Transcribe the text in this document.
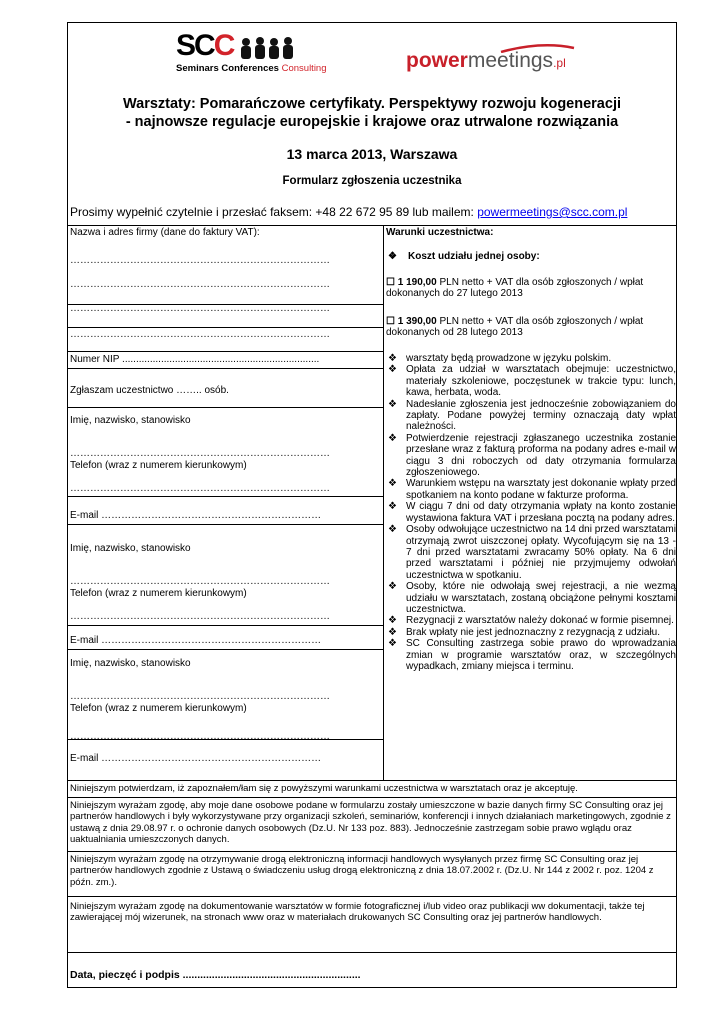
SCC
Seminars Conferences Consulting	powermeetings.pl
Warsztaty: Pomarańczowe certyfikaty. Perspektywy rozwoju kogeneracji
- najnowsze regulacje europejskie i krajowe oraz utrwalone rozwiązania
13 marca 2013, Warszawa
Formularz zgłoszenia uczestnika
Prosimy wypełnić czytelnie i przesłać faksem: +48 22 672 95 89 lub mailem: powermeetings@scc.com.pl
Nazwa i adres firmy (dane do faktury VAT):
……………………………………………………………………
……………………………………………………………………
……………………………………………………………………
……………………………………………………………………
Numer NIP .......................................................................
Zgłaszam uczestnictwo …….. osób.
Imię, nazwisko, stanowisko
……………………………………………………………………
Telefon (wraz z numerem kierunkowym)
……………………………………………………………………
E-mail …………………………………………………………
Imię, nazwisko, stanowisko
……………………………………………………………………
Telefon (wraz z numerem kierunkowym)
……………………………………………………………………
E-mail …………………………………………………………
Imię, nazwisko, stanowisko
……………………………………………………………………
Telefon (wraz z numerem kierunkowym)
……………………………………………………………………
E-mail …………………………………………………………
Warunki uczestnictwa:
❖ Koszt udziału jednej osoby:
☐ 1 190,00 PLN netto + VAT dla osób zgłoszonych / wpłat
dokonanych do 27 lutego 2013
☐ 1 390,00 PLN netto + VAT dla osób zgłoszonych / wpłat
dokonanych od 28 lutego 2013
❖ warsztaty będą prowadzone w języku polskim.
❖ Opłata za udział w warsztatach obejmuje: uczestnictwo, materiały szkoleniowe, poczęstunek w trakcie typu: lunch, kawa, herbata, woda.
❖ Nadesłanie zgłoszenia jest jednocześnie zobowiązaniem do zapłaty. Podane powyżej terminy oznaczają daty wpłat należności.
❖ Potwierdzenie rejestracji zgłaszanego uczestnika zostanie przesłane wraz z fakturą proforma na podany adres e-mail w ciągu 3 dni roboczych od daty otrzymania formularza zgłoszeniowego.
❖ Warunkiem wstępu na warsztaty jest dokonanie wpłaty przed spotkaniem na konto podane w fakturze proforma.
❖ W ciągu 7 dni od daty otrzymania wpłaty na konto zostanie wystawiona faktura VAT i przesłana pocztą na podany adres.
❖ Osoby odwołujące uczestnictwo na 14 dni przed warsztatami otrzymają zwrot uiszczonej opłaty. Wycofującym się na 13 - 7 dni przed warsztatami zwracamy 50% opłaty. Na 6 dni przed warsztatami i później nie przyjmujemy odwołań uczestnictwa w spotkaniu.
❖ Osoby, które nie odwołają swej rejestracji, a nie wezmą udziału w warsztatach, zostaną obciążone pełnymi kosztami uczestnictwa.
❖ Rezygnacji z warsztatów należy dokonać w formie pisemnej.
❖ Brak wpłaty nie jest jednoznaczny z rezygnacją z udziału.
❖ SC Consulting zastrzega sobie prawo do wprowadzania zmian w programie warsztatów oraz, w szczególnych wypadkach, zmiany miejsca i terminu.
Niniejszym potwierdzam, iż zapoznałem/łam się z powyższymi warunkami uczestnictwa w warsztatach oraz je akceptuję.
Niniejszym wyrażam zgodę, aby moje dane osobowe podane w formularzu zostały umieszczone w bazie danych firmy SC Consulting oraz jej partnerów handlowych i były wykorzystywane przy organizacji szkoleń, seminariów, konferencji i innych działaniach marketingowych, zgodnie z ustawą z dnia 29.08.97 r. o ochronie danych osobowych (Dz.U. Nr 133 poz. 883). Jednocześnie zastrzegam sobie prawo wglądu oraz uaktualniania umieszczonych danych.
Niniejszym wyrażam zgodę na otrzymywanie drogą elektroniczną informacji handlowych wysyłanych przez firmę SC Consulting oraz jej partnerów handlowych zgodnie z Ustawą o świadczeniu usług drogą elektroniczną z dnia 18.07.2002 r. (Dz.U. Nr 144 z 2002 r. poz. 1204 z późn. zm.).
Niniejszym wyrażam zgodę na dokumentowanie warsztatów w formie fotograficznej i/lub video oraz publikacji ww dokumentacji, także tej zawierającej mój wizerunek, na stronach www oraz w materiałach drukowanych SC Consulting oraz jej partnerów handlowych.
Data, pieczęć i podpis .............................................................
